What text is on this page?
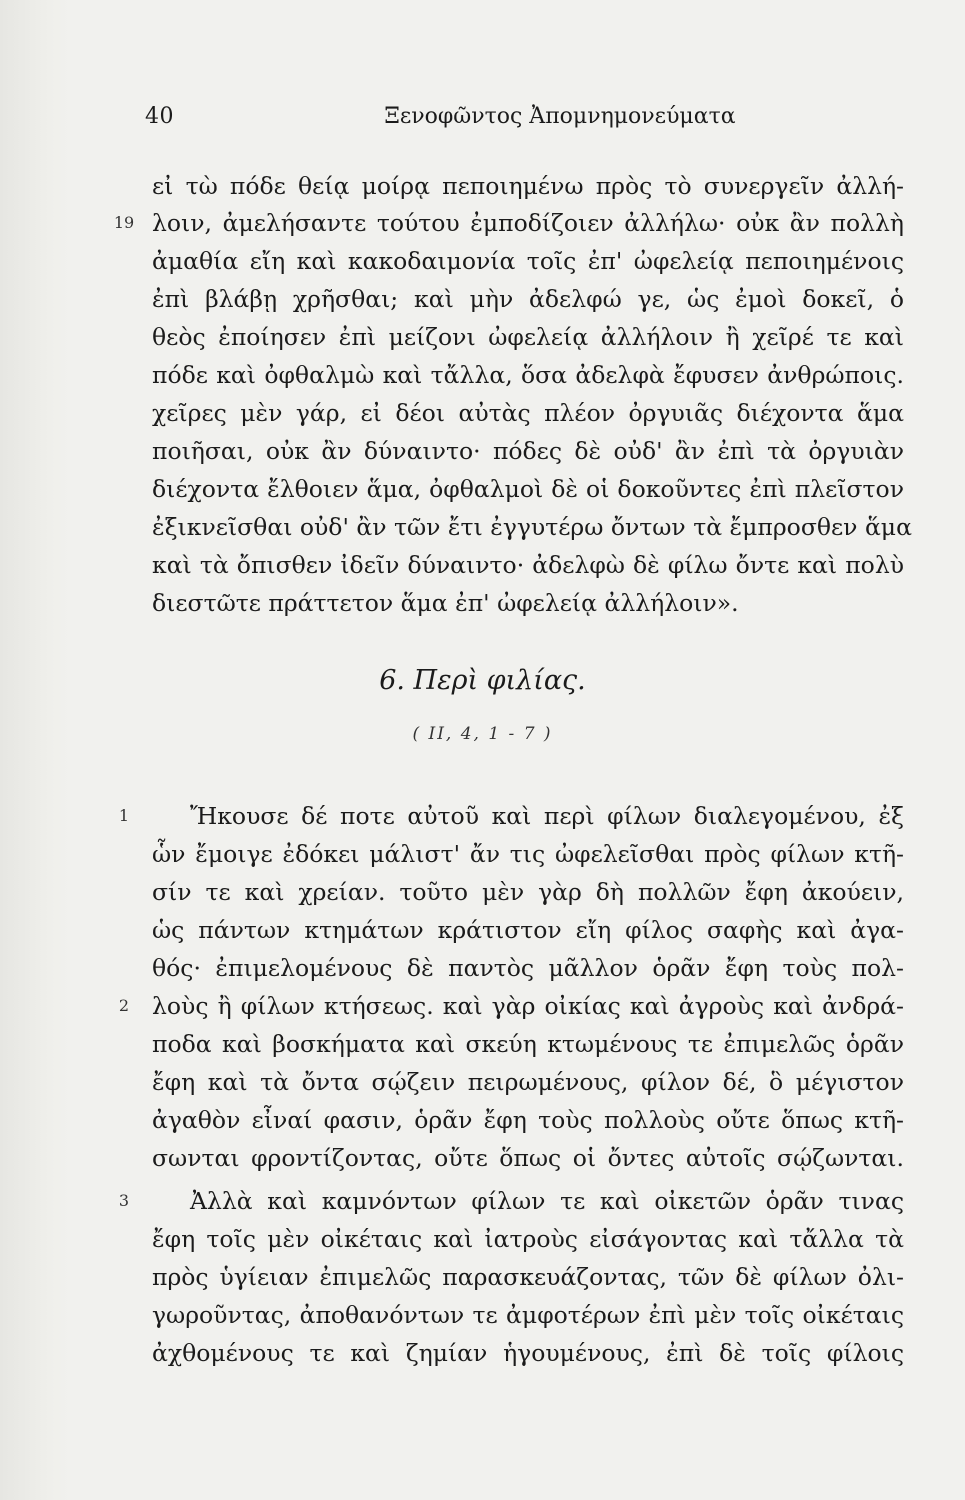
40	Ξενοφῶντος Ἀπομνημονεύματα
εἰ τὼ πόδε θείᾳ μοίρᾳ πεποιημένω πρὸς τὸ συνεργεῖν ἀλλή-
19 λοιν, ἀμελήσαντε τούτου ἐμποδίζοιεν ἀλλήλω· οὐκ ἂν πολλὴ
ἀμαθία εἴη καὶ κακοδαιμονία τοῖς ἐπ' ὠφελείᾳ πεποιημένοις
ἐπὶ βλάβῃ χρῆσθαι; καὶ μὴν ἀδελφώ γε, ὡς ἐμοὶ δοκεῖ, ὁ
θεὸς ἐποίησεν ἐπὶ μείζονι ὠφελείᾳ ἀλλήλοιν ἢ χεῖρέ τε καὶ
πόδε καὶ ὀφθαλμὼ καὶ τἄλλα, ὅσα ἀδελφὰ ἔφυσεν ἀνθρώποις.
χεῖρες μὲν γάρ, εἰ δέοι αὐτὰς πλέον ὀργυιᾶς διέχοντα ἅμα
ποιῆσαι, οὐκ ἂν δύναιντο· πόδες δὲ οὐδ' ἂν ἐπὶ τὰ ὀργυιὰν
διέχοντα ἔλθοιεν ἅμα, ὀφθαλμοὶ δὲ οἱ δοκοῦντες ἐπὶ πλεῖστον
ἐξικνεῖσθαι οὐδ' ἂν τῶν ἔτι ἐγγυτέρω ὄντων τὰ ἔμπροσθεν ἅμα
καὶ τὰ ὄπισθεν ἰδεῖν δύναιντο· ἀδελφὼ δὲ φίλω ὄντε καὶ πολὺ
διεστῶτε πράττετον ἅμα ἐπ' ὠφελείᾳ ἀλλήλοιν».
6. Περὶ φιλίας.
( II, 4, 1 - 7 )
1	Ἤκουσε δέ ποτε αὐτοῦ καὶ περὶ φίλων διαλεγομένου, ἐξ
ὧν ἔμοιγε ἐδόκει μάλιστ' ἄν τις ὠφελεῖσθαι πρὸς φίλων κτῆ-
σίν τε καὶ χρείαν. τοῦτο μὲν γὰρ δὴ πολλῶν ἔφη ἀκούειν,
ὡς πάντων κτημάτων κράτιστον εἴη φίλος σαφὴς καὶ ἀγα-
θός· ἐπιμελομένους δὲ παντὸς μᾶλλον ὁρᾶν ἔφη τοὺς πολ-
2 λοὺς ἢ φίλων κτήσεως. καὶ γὰρ οἰκίας καὶ ἀγροὺς καὶ ἀνδρά-
ποδα καὶ βοσκήματα καὶ σκεύη κτωμένους τε ἐπιμελῶς ὁρᾶν
ἔφη καὶ τὰ ὄντα σῴζειν πειρωμένους, φίλον δέ, ὃ μέγιστον
ἀγαθὸν εἶναί φασιν, ὁρᾶν ἔφη τοὺς πολλοὺς οὔτε ὅπως κτῆ-
σωνται φροντίζοντας, οὔτε ὅπως οἱ ὄντες αὐτοῖς σῴζωνται.
3	Ἀλλὰ καὶ καμνόντων φίλων τε καὶ οἰκετῶν ὁρᾶν τινας
ἔφη τοῖς μὲν οἰκέταις καὶ ἰατροὺς εἰσάγοντας καὶ τἄλλα τὰ
πρὸς ὑγίειαν ἐπιμελῶς παρασκευάζοντας, τῶν δὲ φίλων ὀλι-
γωροῦντας, ἀποθανόντων τε ἀμφοτέρων ἐπὶ μὲν τοῖς οἰκέταις
ἀχθομένους τε καὶ ζημίαν ἡγουμένους, ἐπὶ δὲ τοῖς φίλοις
